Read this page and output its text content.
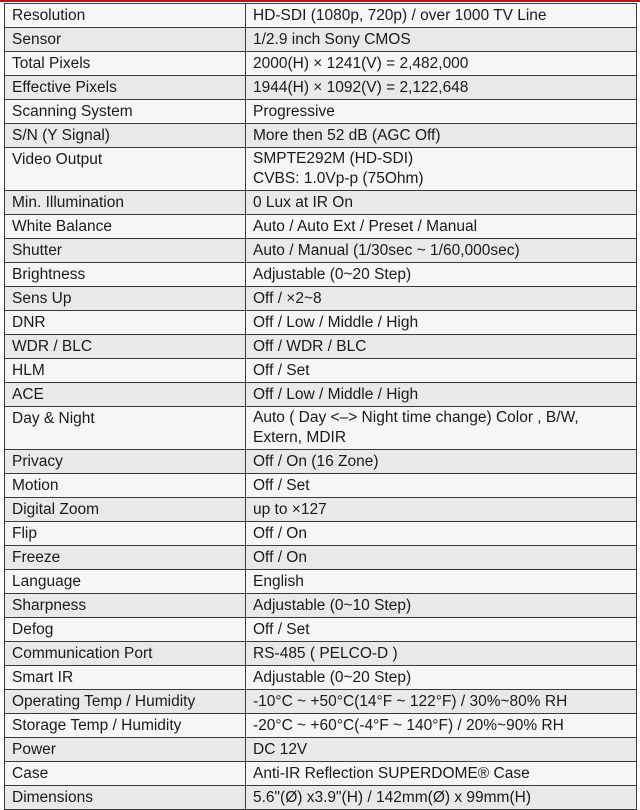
Resolution	HD-SDI (1080p, 720p) / over 1000 TV Line
Sensor	1/2.9 inch Sony CMOS
Total Pixels	2000(H) × 1241(V) = 2,482,000
Effective Pixels	1944(H) × 1092(V) = 2,122,648
Scanning System	Progressive
S/N (Y Signal)	More then 52 dB (AGC Off)
Video Output	SMPTE292M (HD-SDI)
CVBS: 1.0Vp-p (75Ohm)

Min. Illumination	0 Lux at IR On
White Balance	Auto / Auto Ext / Preset / Manual
Shutter	Auto / Manual (1/30sec ~ 1/60,000sec)
Brightness	Adjustable (0~20 Step)
Sens Up	Off / ×2~8
DNR	Off / Low / Middle / High
WDR / BLC	Off / WDR / BLC
HLM	Off / Set
ACE	Off / Low / Middle / High
Day & Night	Auto ( Day <–> Night time change) Color , B/W,
Extern, MDIR

Privacy	Off / On (16 Zone)
Motion	Off / Set
Digital Zoom	up to ×127
Flip	Off / On
Freeze	Off / On
Language	English
Sharpness	Adjustable (0~10 Step)
Defog	Off / Set
Communication Port	RS-485 ( PELCO-D )
Smart IR	Adjustable (0~20 Step)
Operating Temp / Humidity	-10°C ~ +50°C(14°F ~ 122°F) / 30%~80% RH
Storage Temp / Humidity	-20°C ~ +60°C(-4°F ~ 140°F) / 20%~90% RH
Power	DC 12V
Case	Anti-IR Reflection SUPERDOME® Case
Dimensions	5.6"(Ø) x3.9"(H) / 142mm(Ø) x 99mm(H)
